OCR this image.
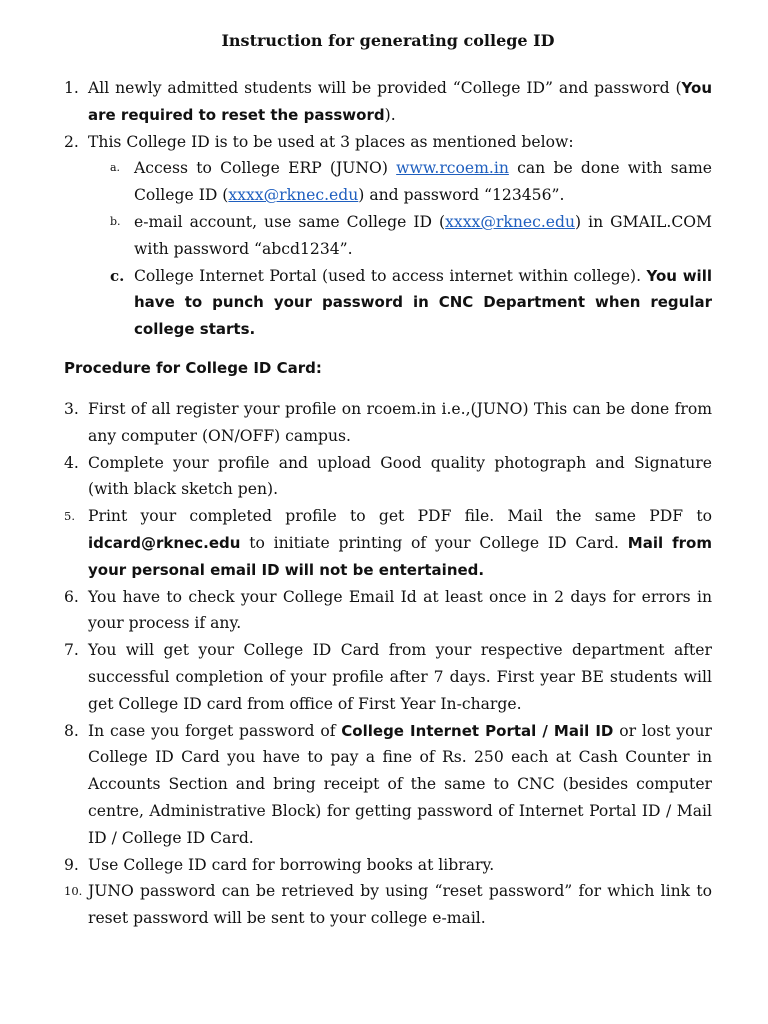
Instruction for generating college ID
1. All newly admitted students will be provided “College ID” and password (You are required to reset the password).
2. This College ID is to be used at 3 places as mentioned below:
a. Access to College ERP (JUNO) www.rcoem.in can be done with same College ID (xxxx@rknec.edu) and password “123456”.
b. e-mail account, use same College ID (xxxx@rknec.edu) in GMAIL.COM with password “abcd1234”.
c. College Internet Portal (used to access internet within college). You will have to punch your password in CNC Department when regular college starts.
Procedure for College ID Card:
3. First of all register your profile on rcoem.in i.e.,(JUNO) This can be done from any computer (ON/OFF) campus.
4. Complete your profile and upload Good quality photograph and Signature (with black sketch pen).
5. Print your completed profile to get PDF file. Mail the same PDF to idcard@rknec.edu to initiate printing of your College ID Card. Mail from your personal email ID will not be entertained.
6. You have to check your College Email Id at least once in 2 days for errors in your process if any.
7. You will get your College ID Card from your respective department after successful completion of your profile after 7 days. First year BE students will get College ID card from office of First Year In-charge.
8. In case you forget password of College Internet Portal / Mail ID or lost your College ID Card you have to pay a fine of Rs. 250 each at Cash Counter in Accounts Section and bring receipt of the same to CNC (besides computer centre, Administrative Block) for getting password of Internet Portal ID / Mail ID / College ID Card.
9. Use College ID card for borrowing books at library.
10. JUNO password can be retrieved by using “reset password” for which link to reset password will be sent to your college e-mail.
